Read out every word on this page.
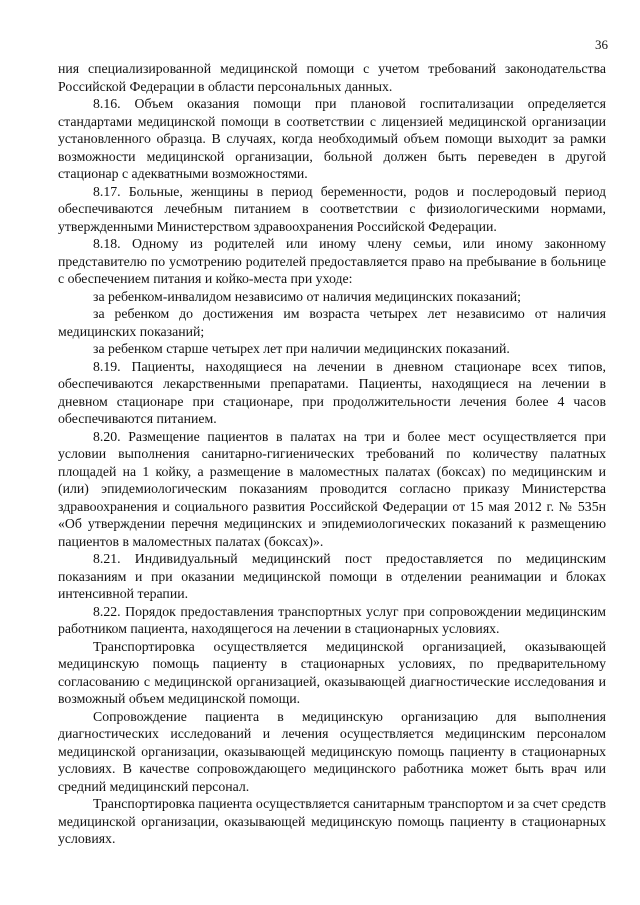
36

ния специализированной медицинской помощи с учетом требований законодательства Российской Федерации в области персональных данных.

8.16. Объем оказания помощи при плановой госпитализации определяется стандартами медицинской помощи в соответствии с лицензией медицинской организации установленного образца. В случаях, когда необходимый объем помощи выходит за рамки возможности медицинской организации, больной должен быть переведен в другой стационар с адекватными возможностями.

8.17. Больные, женщины в период беременности, родов и послеродовый период обеспечиваются лечебным питанием в соответствии с физиологическими нормами, утвержденными Министерством здравоохранения Российской Федерации.

8.18. Одному из родителей или иному члену семьи, или иному законному представителю по усмотрению родителей предоставляется право на пребывание в больнице с обеспечением питания и койко-места при уходе:

за ребенком-инвалидом независимо от наличия медицинских показаний;

за ребенком до достижения им возраста четырех лет независимо от наличия медицинских показаний;

за ребенком старше четырех лет при наличии медицинских показаний.

8.19. Пациенты, находящиеся на лечении в дневном стационаре всех типов, обеспечиваются лекарственными препаратами. Пациенты, находящиеся на лечении в дневном стационаре при стационаре, при продолжительности лечения более 4 часов обеспечиваются питанием.

8.20. Размещение пациентов в палатах на три и более мест осуществляется при условии выполнения санитарно-гигиенических требований по количеству палатных площадей на 1 койку, а размещение в маломестных палатах (боксах) по медицинским и (или) эпидемиологическим показаниям проводится согласно приказу Министерства здравоохранения и социального развития Российской Федерации от 15 мая 2012 г. № 535н «Об утверждении перечня медицинских и эпидемиологических показаний к размещению пациентов в маломестных палатах (боксах)».

8.21. Индивидуальный медицинский пост предоставляется по медицинским показаниям и при оказании медицинской помощи в отделении реанимации и блоках интенсивной терапии.

8.22. Порядок предоставления транспортных услуг при сопровождении медицинским работником пациента, находящегося на лечении в стационарных условиях.

Транспортировка осуществляется медицинской организацией, оказывающей медицинскую помощь пациенту в стационарных условиях, по предварительному согласованию с медицинской организацией, оказывающей диагностические исследования и возможный объем медицинской помощи.

Сопровождение пациента в медицинскую организацию для выполнения диагностических исследований и лечения осуществляется медицинским персоналом медицинской организации, оказывающей медицинскую помощь пациенту в стационарных условиях. В качестве сопровождающего медицинского работника может быть врач или средний медицинский персонал.

Транспортировка пациента осуществляется санитарным транспортом и за счет средств медицинской организации, оказывающей медицинскую помощь пациенту в стационарных условиях.
